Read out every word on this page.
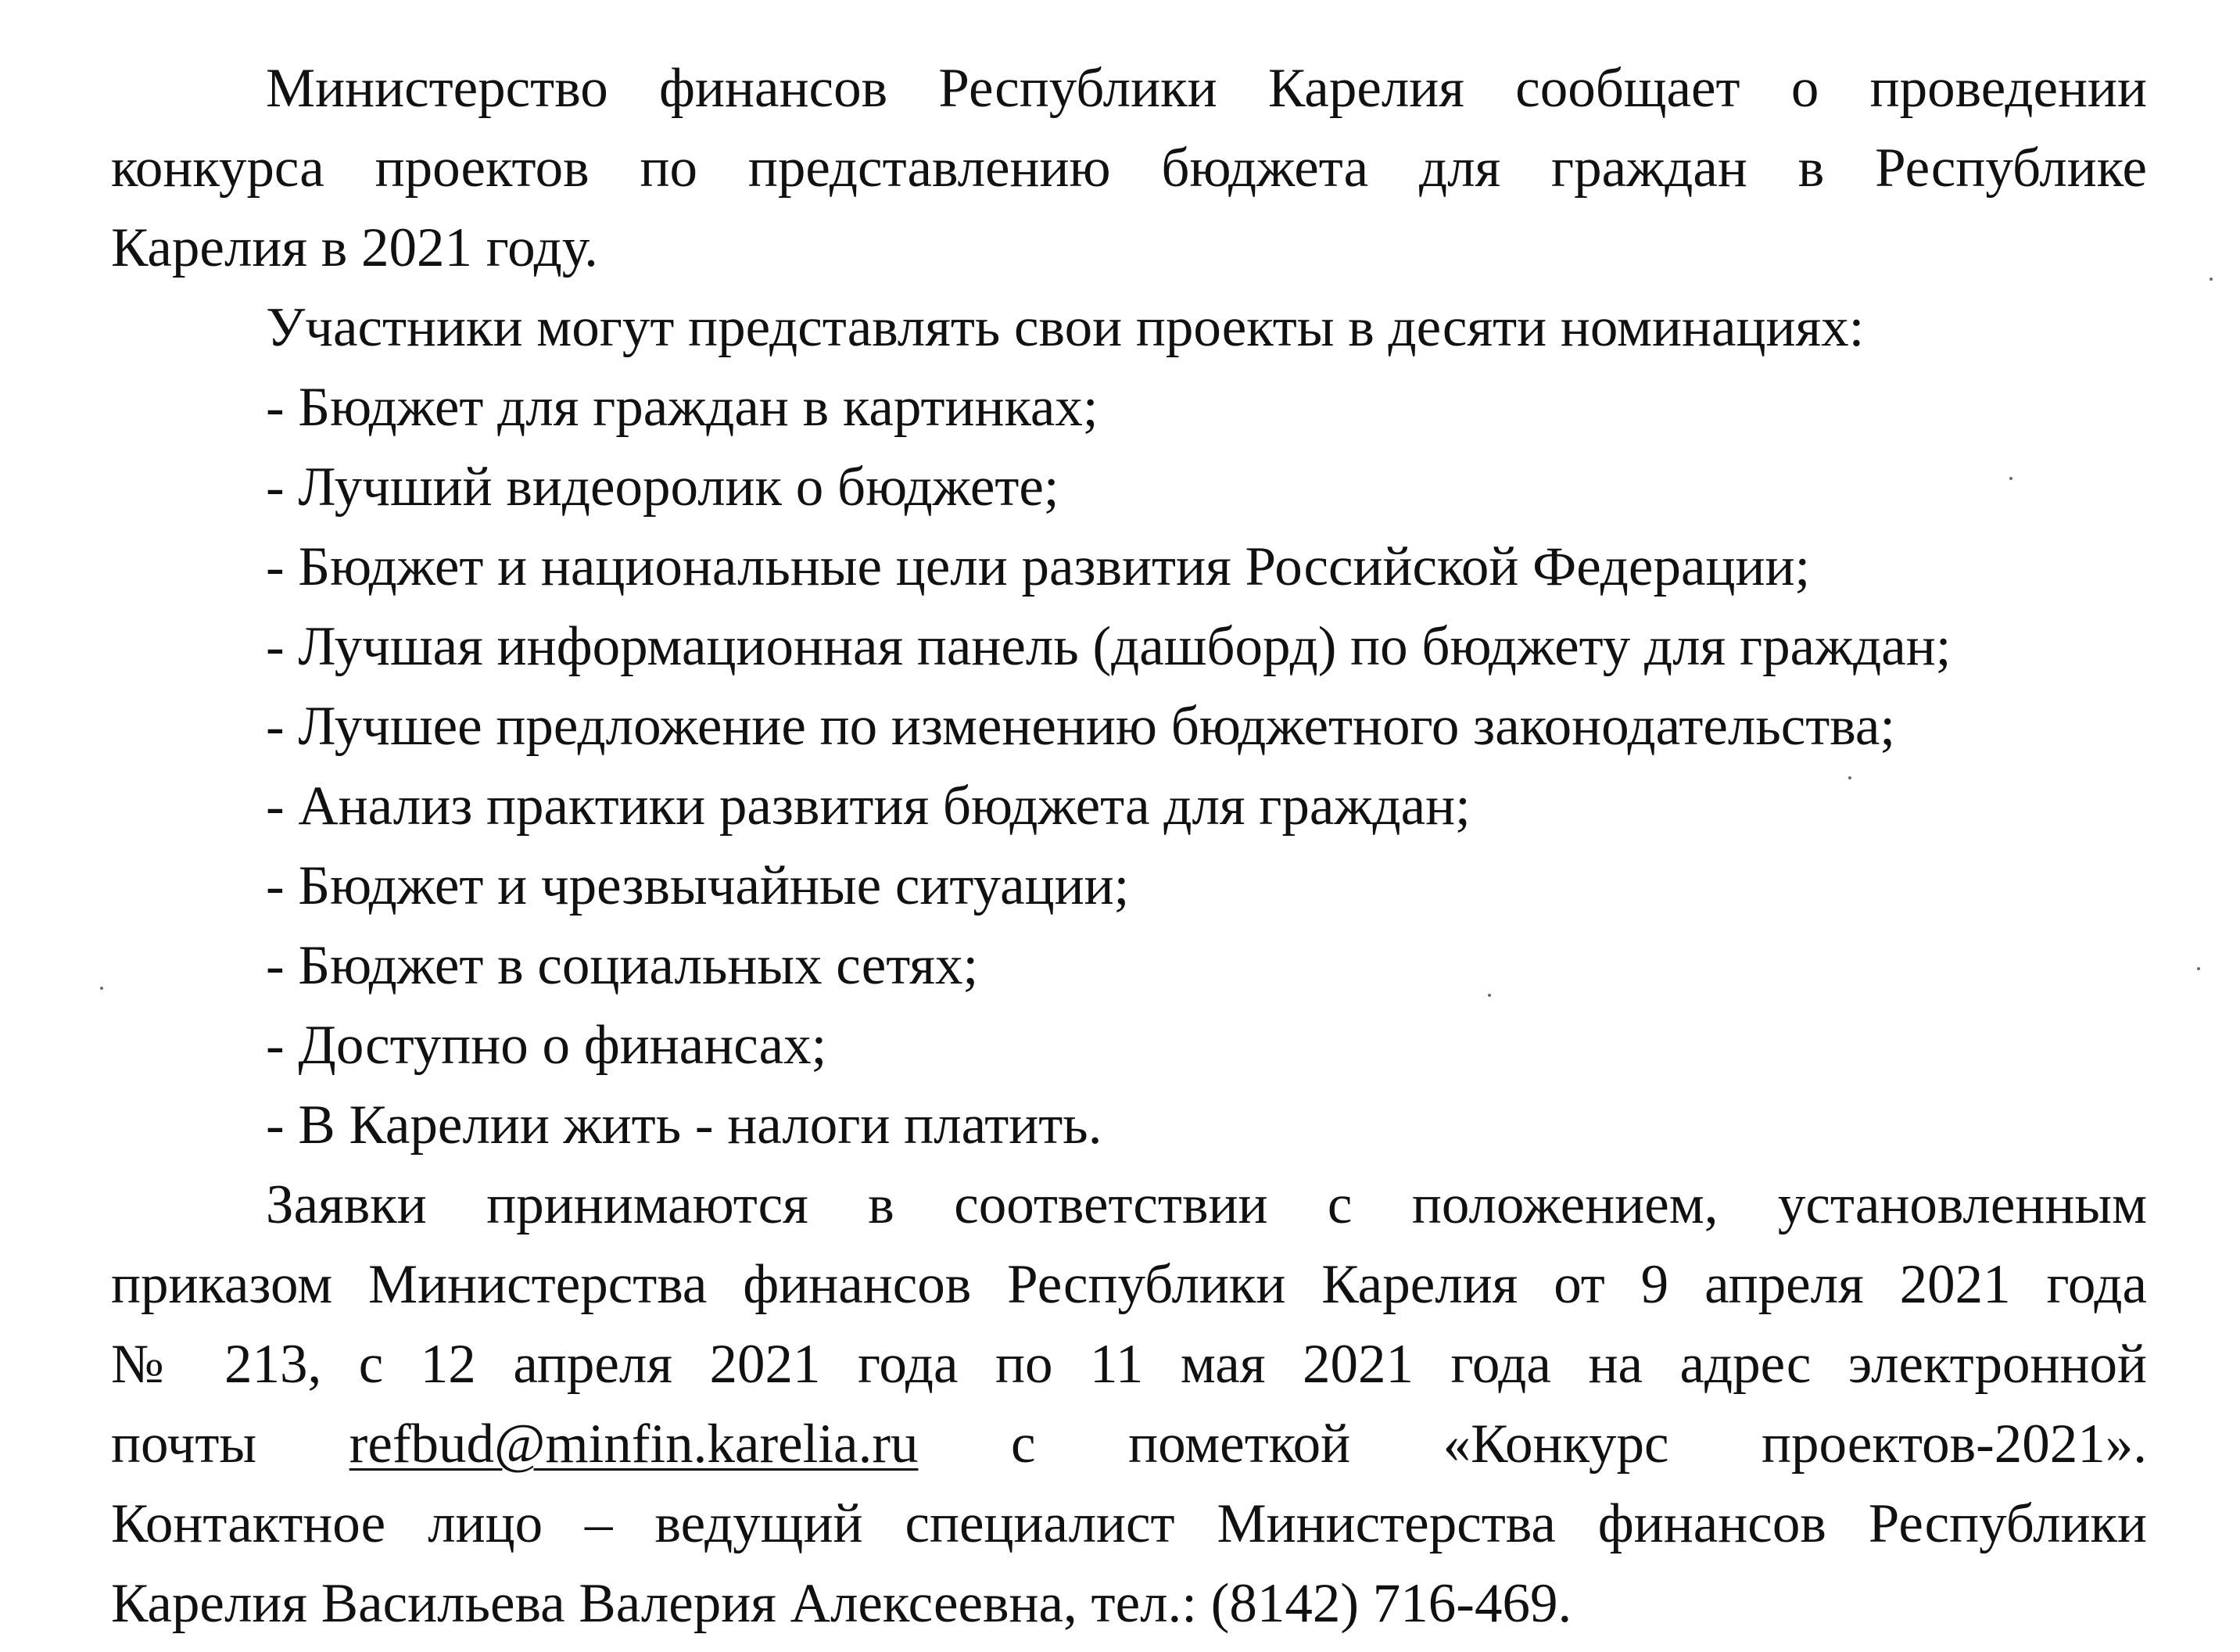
Министерство финансов Республики Карелия сообщает о проведении
конкурса проектов по представлению бюджета для граждан в Республике
Карелия в 2021 году.

Участники могут представлять свои проекты в десяти номинациях:
- Бюджет для граждан в картинках;
- Лучший видеоролик о бюджете;
- Бюджет и национальные цели развития Российской Федерации;
- Лучшая информационная панель (дашборд) по бюджету для граждан;
- Лучшее предложение по изменению бюджетного законодательства;
- Анализ практики развития бюджета для граждан;
- Бюджет и чрезвычайные ситуации;
- Бюджет в социальных сетях;
- Доступно о финансах;
- В Карелии жить - налоги платить.

Заявки принимаются в соответствии с положением, установленным
приказом Министерства финансов Республики Карелия от 9 апреля 2021 года
№ 213, с 12 апреля 2021 года по 11 мая 2021 года на адрес электронной
почты refbud@minfin.karelia.ru с пометкой «Конкурс проектов-2021».
Контактное лицо – ведущий специалист Министерства финансов Республики
Карелия Васильева Валерия Алексеевна, тел.: (8142) 716-469.
